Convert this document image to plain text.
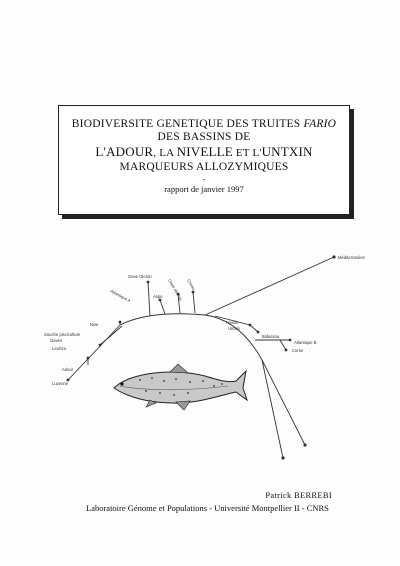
BIODIVERSITE GENETIQUE DES TRUITES FARIO
DES BASSINS DE
L'ADOUR, LA NIVELLE ET L'UNTXIN
MARQUEURS ALLOZYMIQUES
-
rapport de janvier 1997
Méditerranéen
Gave Oloron
Atlantique A	Aspe Gave de Pau Ossau
Nive
Souche pisciculture
Gaves
Leurtza
Adour
Luzenne
Nivelle
Untxin
Bidassoa
Atlantique B
Corse
Patrick BERREBI
Laboratoire Génome et Populations - Université Montpellier II - CNRS
